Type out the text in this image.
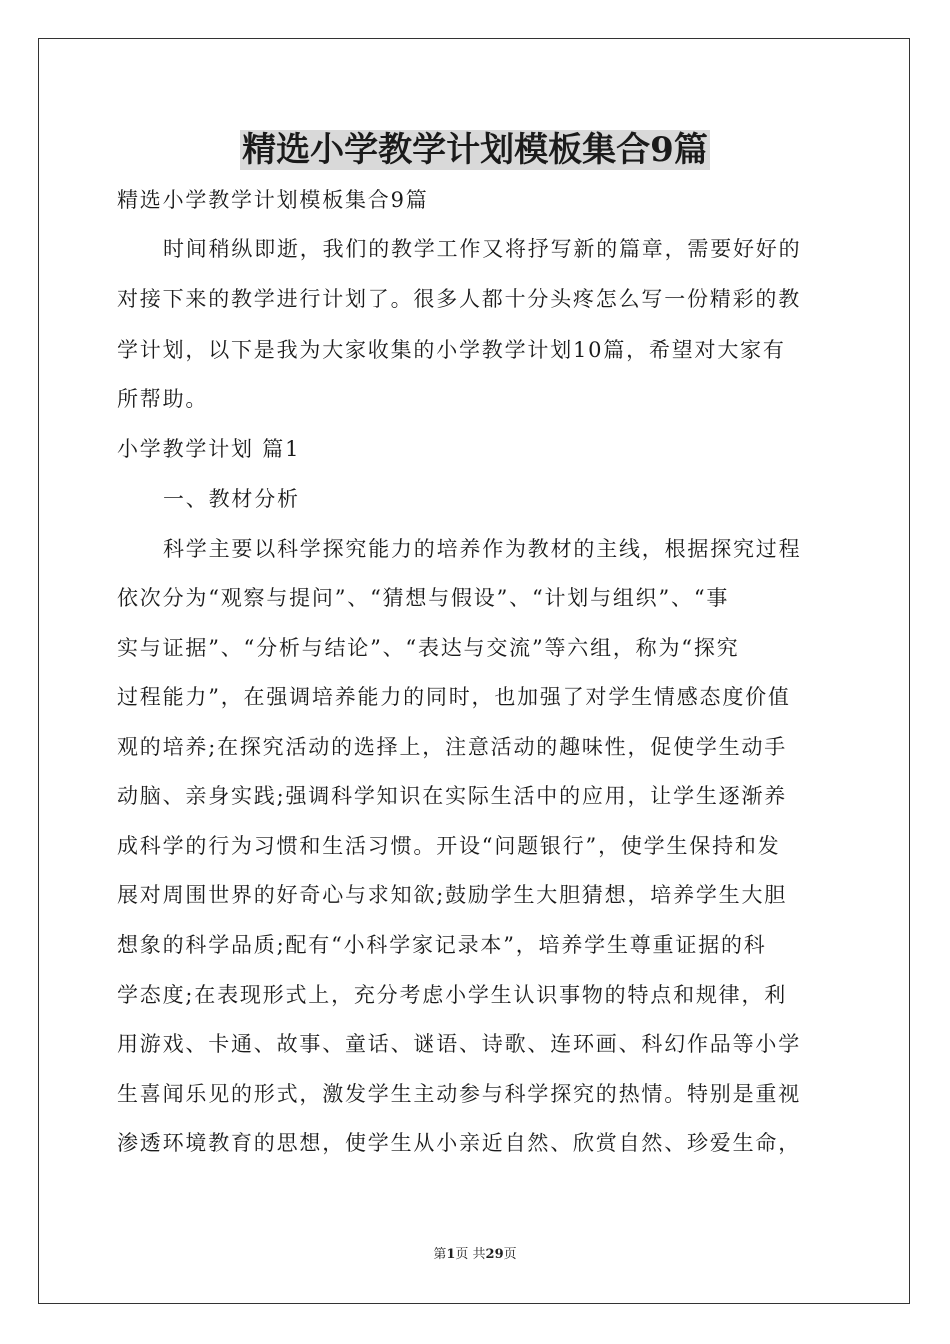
精选小学教学计划模板集合9篇

精选小学教学计划模板集合9篇

时间稍纵即逝，我们的教学工作又将抒写新的篇章，需要好好的

对接下来的教学进行计划了。很多人都十分头疼怎么写一份精彩的教

学计划，以下是我为大家收集的小学教学计划10篇，希望对大家有

所帮助。

小学教学计划 篇1

一、教材分析

科学主要以科学探究能力的培养作为教材的主线，根据探究过程

依次分为“观察与提问”、“猜想与假设”、“计划与组织”、“事

实与证据”、“分析与结论”、“表达与交流”等六组，称为“探究

过程能力”，在强调培养能力的同时，也加强了对学生情感态度价值

观的培养;在探究活动的选择上，注意活动的趣味性，促使学生动手

动脑、亲身实践;强调科学知识在实际生活中的应用，让学生逐渐养

成科学的行为习惯和生活习惯。开设“问题银行”，使学生保持和发

展对周围世界的好奇心与求知欲;鼓励学生大胆猜想，培养学生大胆

想象的科学品质;配有“小科学家记录本”，培养学生尊重证据的科

学态度;在表现形式上，充分考虑小学生认识事物的特点和规律，利

用游戏、卡通、故事、童话、谜语、诗歌、连环画、科幻作品等小学

生喜闻乐见的形式，激发学生主动参与科学探究的热情。特别是重视

渗透环境教育的思想，使学生从小亲近自然、欣赏自然、珍爱生命，

第1页 共29页
